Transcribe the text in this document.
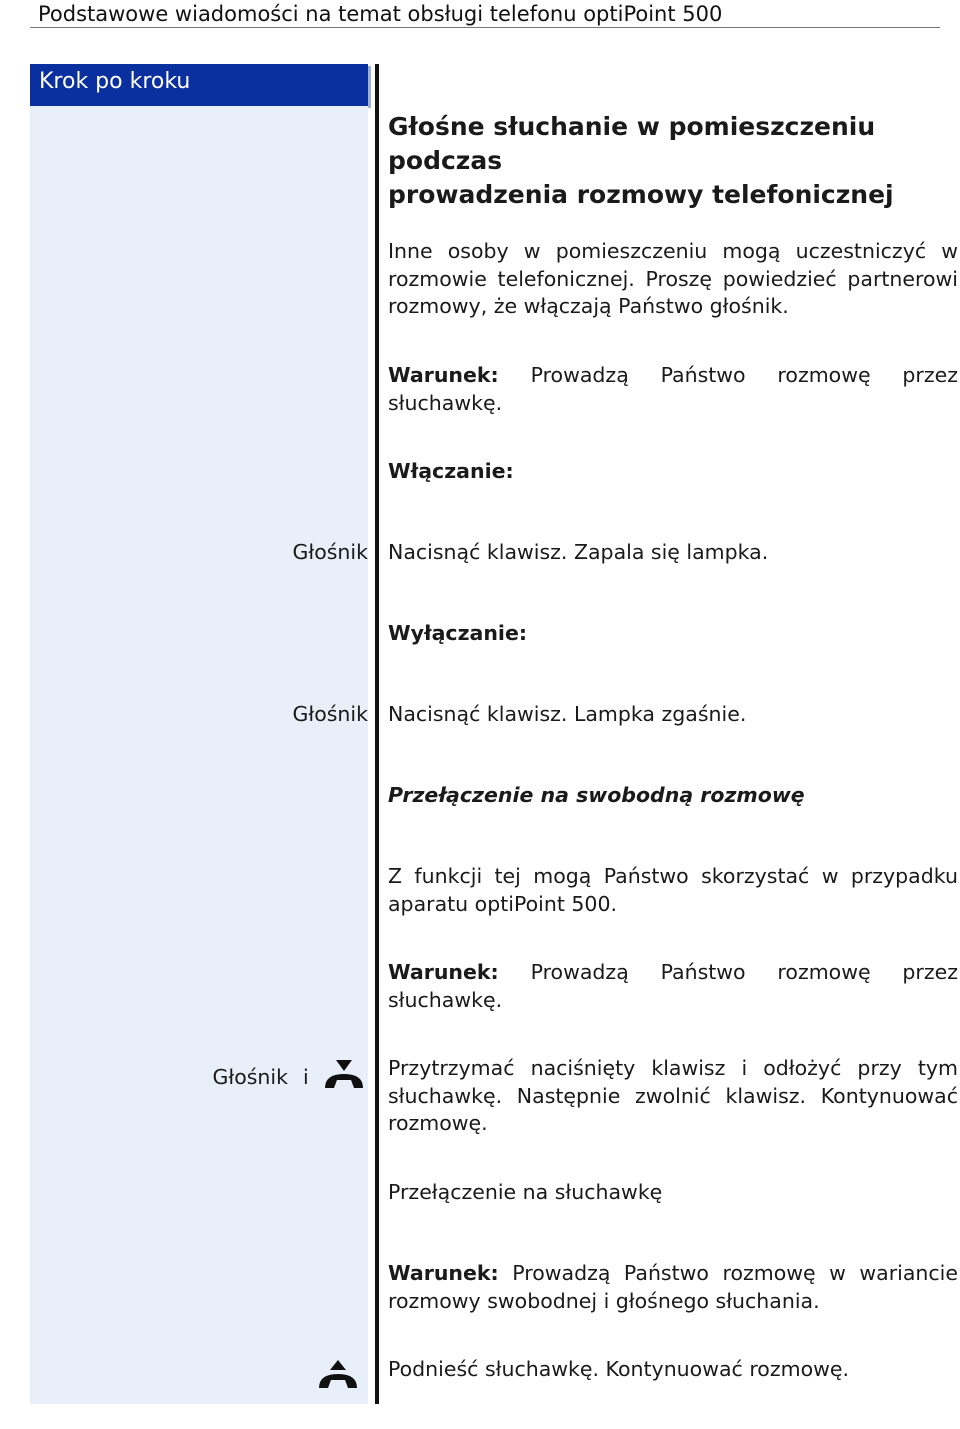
Podstawowe wiadomości na temat obsługi telefonu optiPoint 500
Krok po kroku
Głośne słuchanie w pomieszczeniu podczas
prowadzenia rozmowy telefonicznej
Inne osoby w pomieszczeniu mogą uczestniczyć w rozmowie telefonicznej. Proszę powiedzieć partnerowi rozmowy, że włączają Państwo głośnik.
Warunek: Prowadzą Państwo rozmowę przez słuchawkę.
Włączanie:
Głośnik Nacisnąć klawisz. Zapala się lampka.
Wyłączanie:
Głośnik Nacisnąć klawisz. Lampka zgaśnie.
Przełączenie na swobodną rozmowę
Z funkcji tej mogą Państwo skorzystać w przypadku aparatu optiPoint 500.
Warunek: Prowadzą Państwo rozmowę przez słuchawkę.
Głośnik i	Przytrzymać naciśnięty klawisz i odłożyć przy tym słuchawkę. Następnie zwolnić klawisz. Kontynuować rozmowę.
Przełączenie na słuchawkę
Warunek: Prowadzą Państwo rozmowę w wariancie rozmowy swobodnej i głośnego słuchania.
Podnieść słuchawkę. Kontynuować rozmowę.
